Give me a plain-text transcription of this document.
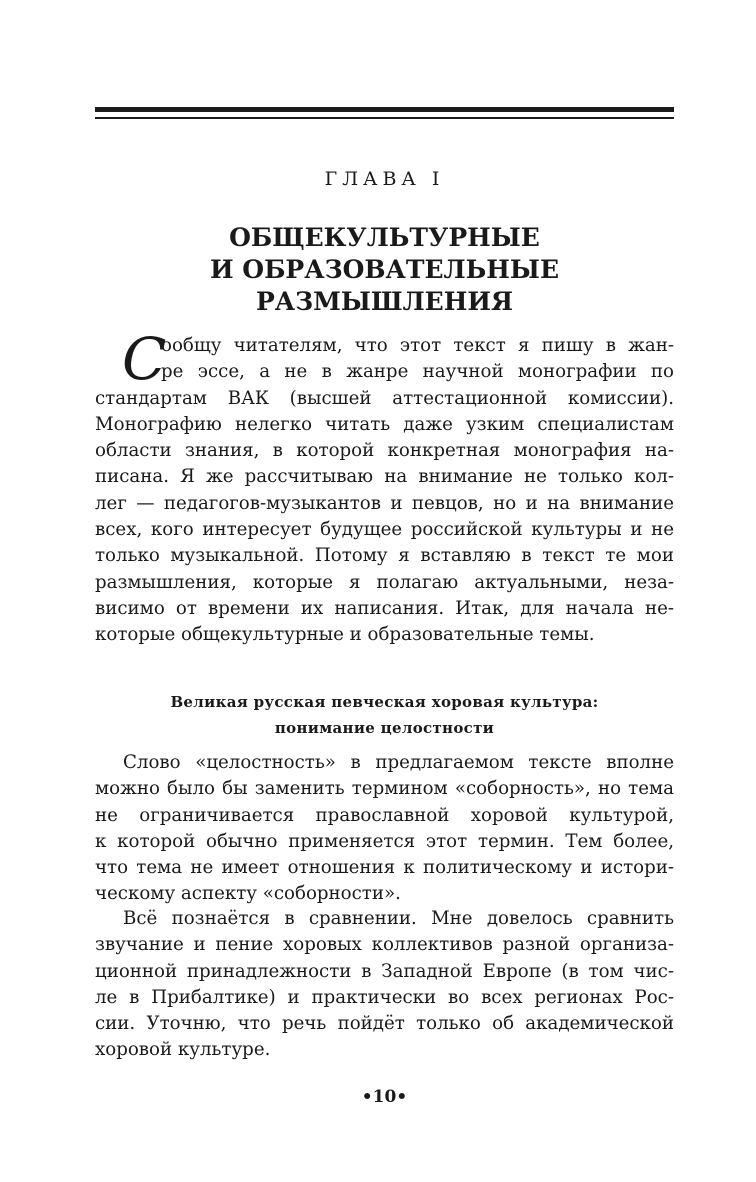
ГЛАВА I
ОБЩЕКУЛЬТУРНЫЕ
И ОБРАЗОВАТЕЛЬНЫЕ РАЗМЫШЛЕНИЯ
С
ообщу читателям, что этот текст я пишу в жан-
ре эссе, а не в жанре научной монографии по
стандартам ВАК (высшей аттестационной комиссии).
Монографию нелегко читать даже узким специалистам
области знания, в которой конкретная монография на-
писана. Я же рассчитываю на внимание не только кол-
лег — педагогов-музыкантов и певцов, но и на внимание
всех, кого интересует будущее российской культуры и не
только музыкальной. Потому я вставляю в текст те мои
размышления, которые я полагаю актуальными, неза-
висимо от времени их написания. Итак, для начала не-
которые общекультурные и образовательные темы.
Великая русская певческая хоровая культура:
понимание целостности
Слово «целостность» в предлагаемом тексте вполне
можно было бы заменить термином «соборность», но тема
не ограничивается православной хоровой культурой,
к которой обычно применяется этот термин. Тем более,
что тема не имеет отношения к политическому и истори-
ческому аспекту «соборности».
Всё познаётся в сравнении. Мне довелось сравнить
звучание и пение хоровых коллективов разной организа-
ционной принадлежности в Западной Европе (в том чис-
ле в Прибалтике) и практически во всех регионах Рос-
сии. Уточню, что речь пойдёт только об академической
хоровой культуре.
•10•
